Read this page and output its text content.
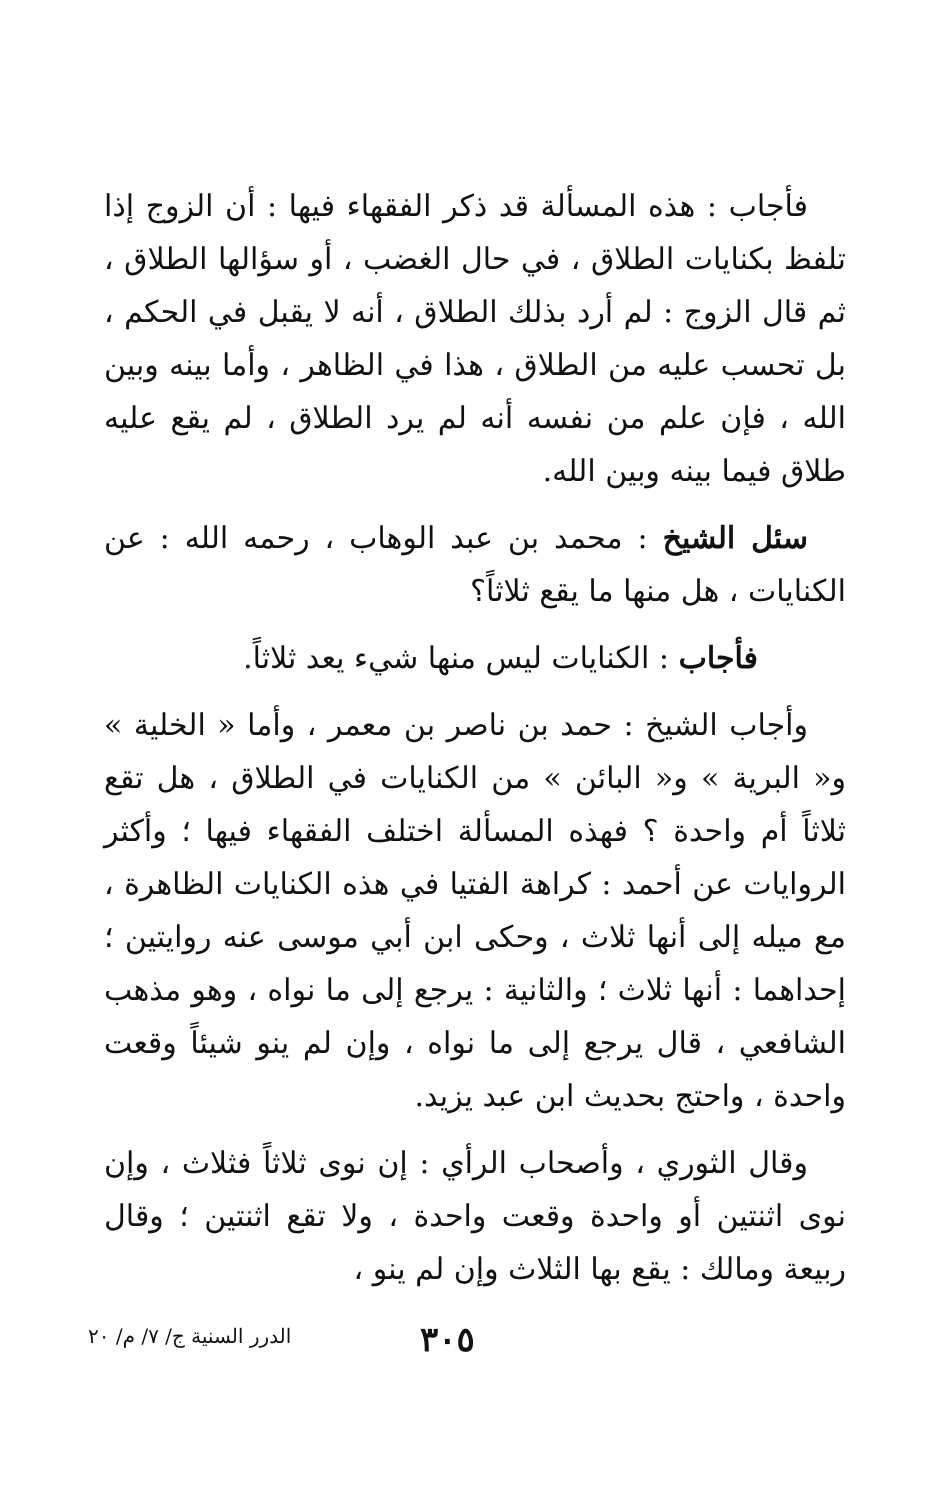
فأجاب : هذه المسألة قد ذكر الفقهاء فيها : أن الزوج إذا تلفظ بكنايات الطلاق ، في حال الغضب ، أو سؤالها الطلاق ، ثم قال الزوج : لم أرد بذلك الطلاق ، أنه لا يقبل في الحكم ، بل تحسب عليه من الطلاق ، هذا في الظاهر ، وأما بينه وبين الله ، فإن علم من نفسه أنه لم يرد الطلاق ، لم يقع عليه طلاق فيما بينه وبين الله.

سئل الشيخ : محمد بن عبد الوهاب ، رحمه الله : عن الكنايات ، هل منها ما يقع ثلاثاً؟

فأجاب : الكنايات ليس منها شيء يعد ثلاثاً.

وأجاب الشيخ : حمد بن ناصر بن معمر ، وأما « الخلية » و« البرية » و« البائن » من الكنايات في الطلاق ، هل تقع ثلاثاً أم واحدة ؟ فهذه المسألة اختلف الفقهاء فيها ؛ وأكثر الروايات عن أحمد : كراهة الفتيا في هذه الكنايات الظاهرة ، مع ميله إلى أنها ثلاث ، وحكى ابن أبي موسى عنه روايتين ؛ إحداهما : أنها ثلاث ؛ والثانية : يرجع إلى ما نواه ، وهو مذهب الشافعي ، قال يرجع إلى ما نواه ، وإن لم ينو شيئاً وقعت واحدة ، واحتج بحديث ابن عبد يزيد.

وقال الثوري ، وأصحاب الرأي : إن نوى ثلاثاً فثلاث ، وإن نوى اثنتين أو واحدة وقعت واحدة ، ولا تقع اثنتين ؛ وقال ربيعة ومالك : يقع بها الثلاث وإن لم ينو ،

٣٠٥
الدرر السنية ج/ ٧/ م/ ٢٠
